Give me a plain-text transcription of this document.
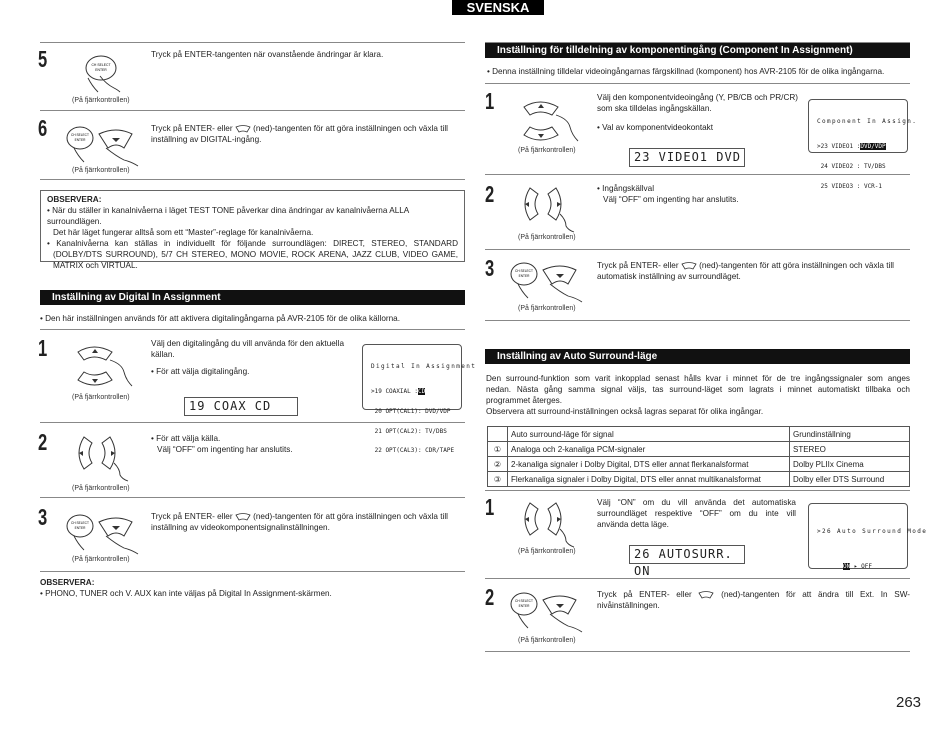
SVENSKA
5	CH SELECT
ENTER
Tryck på ENTER-tangenten när ovanstående ändringar är klara.
(På fjärrkontrollen)
6	CH SELECT
ENTER
Tryck på ENTER- eller	(ned)-tangenten för att göra inställningen och växla till
inställning av DIGITAL-ingång.
(På fjärrkontrollen)
OBSERVERA:
• När du ställer in kanalnivåerna i läget TEST TONE påverkar dina ändringar av kanalnivåerna ALLA surroundlägen.
Det här läget fungerar alltså som ett “Master”-reglage för kanalnivåerna.
• Kanalnivåerna kan ställas in individuellt för följande surroundlägen: DIRECT, STEREO, STANDARD
(DOLBY/DTS SURROUND), 5/7 CH STEREO, MONO MOVIE, ROCK ARENA, JAZZ CLUB, VIDEO GAME,
MATRIX och VIRTUAL.
Inställning av Digital In Assignment
• Den här inställningen används för att aktivera digitalingångarna på AVR-2105 för de olika källorna.
1	Välj den digitalingång du vill använda för den aktuella
källan.
• För att välja digitalingång.
19 COAX CD
(På fjärrkontrollen)

Digital In Assignment

>19 COAXIAL :CD

20 OPT(CAL1): DVD/VDP

21 OPT(CAL2): TV/DBS

22 OPT(CAL3): CDR/TAPE

2	• För att välja källa.
Välj “OFF” om ingenting har anslutits.
(På fjärrkontrollen)
3	CH SELECT
ENTER
Tryck på ENTER- eller	(ned)-tangenten för att göra inställningen och växla till
inställning av videokomponentsignalinställningen.
(På fjärrkontrollen)
OBSERVERA:
• PHONO, TUNER och V. AUX kan inte väljas på Digital In Assignment-skärmen.
Inställning för tilldelning av komponentingång (Component In Assignment)
• Denna inställning tilldelar videoingångarnas färgskillnad (komponent) hos AVR-2105 för de olika ingångarna.
1	Välj den komponentvideoingång (Y, PB/CB och PR/CR)
som ska tilldelas ingångskällan.
• Val av komponentvideokontakt
23 VIDEO1 DVD
(På fjärrkontrollen)

Component In Assign.

>23 VIDEO1 :DVD/VDP

24 VIDEO2 : TV/DBS

25 VIDEO3 : VCR-1

2	• Ingångskällval
Välj “OFF” om ingenting har anslutits.
(På fjärrkontrollen)
3	CH SELECT
ENTER
Tryck på ENTER- eller	(ned)-tangenten för att göra inställningen och växla till
automatisk inställning av surroundläget.
(På fjärrkontrollen)
Inställning av Auto Surround-läge
Den surround-funktion som varit inkopplad senast hålls kvar i minnet för de tre ingångssignaler som anges
nedan. Nästa gång samma signal väljs, tas surround-läget som lagrats i minnet automatiskt tillbaka och
programmet återges.
Observera att surround-inställningen också lagras separat för olika ingångar.
	Auto surround-läge för signal	Grundinställning
①	Analoga och 2-kanaliga PCM-signaler	STEREO
②	2-kanaliga signaler i Dolby Digital, DTS eller annat flerkanalsformat	Dolby PLIIx Cinema
③	Flerkanaliga signaler i Dolby Digital, DTS eller annat multikanalsformat	Dolby eller DTS Surround
1	Välj “ON” om du vill använda det automatiska
surroundläget respektive “OFF” om du inte vill
använda detta läge.
26 AUTOSURR. ON
(På fjärrkontrollen)

>26 Auto Surround Mode

ON ▸ OFF

2	CH SELECT
ENTER
Tryck på ENTER- eller	(ned)-tangenten för att ändra till Ext. In SW-
nivåinställningen.
(På fjärrkontrollen)
263
